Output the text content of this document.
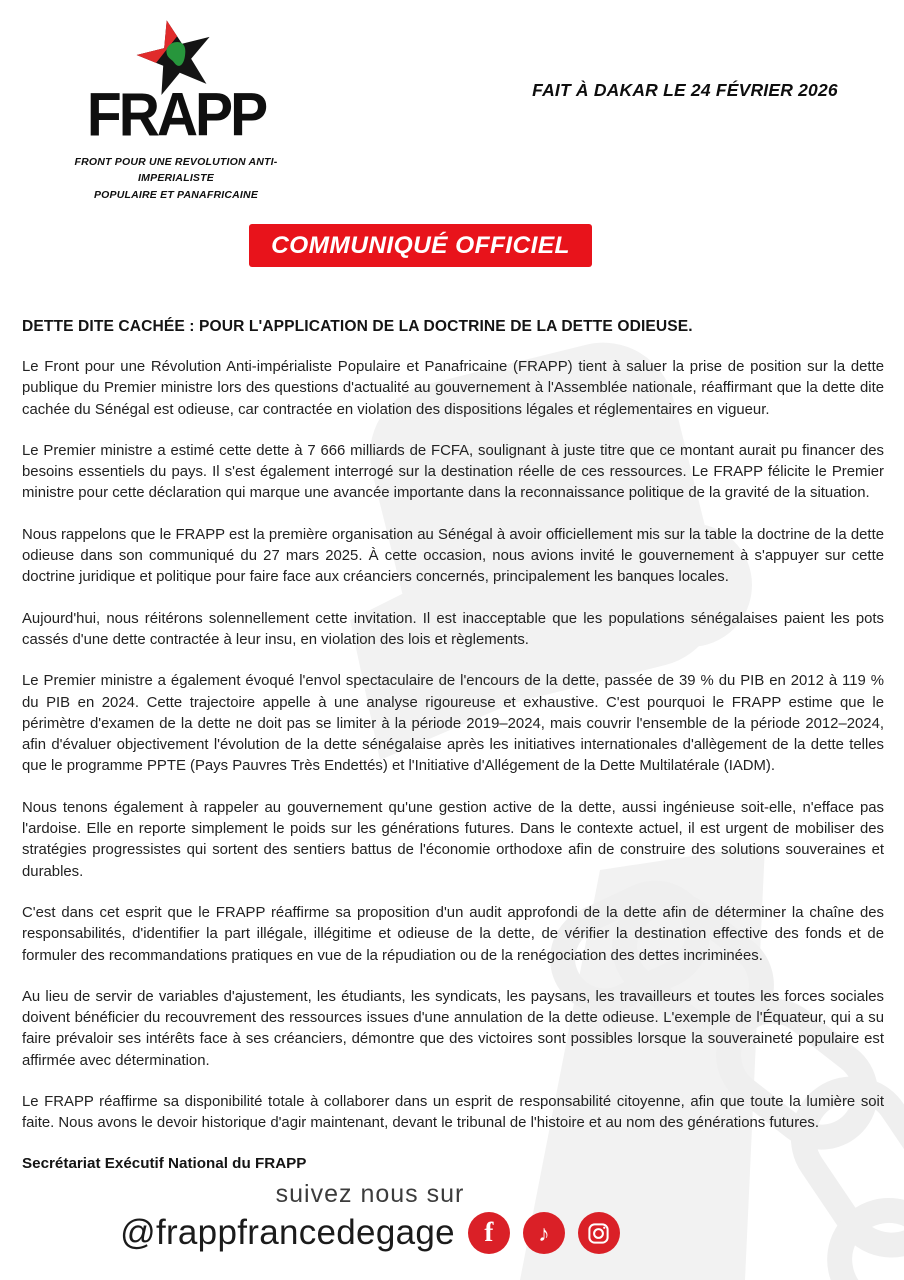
FRAPP
FRONT POUR UNE REVOLUTION ANTI-IMPERIALISTE
POPULAIRE ET PANAFRICAINE
FAIT À DAKAR LE 24 FÉVRIER 2026
COMMUNIQUÉ OFFICIEL
DETTE DITE CACHÉE : POUR L'APPLICATION DE LA DOCTRINE DE LA DETTE ODIEUSE.

Le Front pour une Révolution Anti-impérialiste Populaire et Panafricaine (FRAPP) tient à saluer la prise de position sur la dette publique du Premier ministre lors des questions d'actualité au gouvernement à l'Assemblée nationale, réaffirmant que la dette dite cachée du Sénégal est odieuse, car contractée en violation des dispositions légales et réglementaires en vigueur.

Le Premier ministre a estimé cette dette à 7 666 milliards de FCFA, soulignant à juste titre que ce montant aurait pu financer des besoins essentiels du pays. Il s'est également interrogé sur la destination réelle de ces ressources. Le FRAPP félicite le Premier ministre pour cette déclaration qui marque une avancée importante dans la reconnaissance politique de la gravité de la situation.

Nous rappelons que le FRAPP est la première organisation au Sénégal à avoir officiellement mis sur la table la doctrine de la dette odieuse dans son communiqué du 27 mars 2025. À cette occasion, nous avions invité le gouvernement à s'appuyer sur cette doctrine juridique et politique pour faire face aux créanciers concernés, principalement les banques locales.

Aujourd'hui, nous réitérons solennellement cette invitation. Il est inacceptable que les populations sénégalaises paient les pots cassés d'une dette contractée à leur insu, en violation des lois et règlements.

Le Premier ministre a également évoqué l'envol spectaculaire de l'encours de la dette, passée de 39 % du PIB en 2012 à 119 % du PIB en 2024. Cette trajectoire appelle à une analyse rigoureuse et exhaustive. C'est pourquoi le FRAPP estime que le périmètre d'examen de la dette ne doit pas se limiter à la période 2019–2024, mais couvrir l'ensemble de la période 2012–2024, afin d'évaluer objectivement l'évolution de la dette sénégalaise après les initiatives internationales d'allègement de la dette telles que le programme PPTE (Pays Pauvres Très Endettés) et l'Initiative d'Allégement de la Dette Multilatérale (IADM).

Nous tenons également à rappeler au gouvernement qu'une gestion active de la dette, aussi ingénieuse soit-elle, n'efface pas l'ardoise. Elle en reporte simplement le poids sur les générations futures. Dans le contexte actuel, il est urgent de mobiliser des stratégies progressistes qui sortent des sentiers battus de l'économie orthodoxe afin de construire des solutions souveraines et durables.

C'est dans cet esprit que le FRAPP réaffirme sa proposition d'un audit approfondi de la dette afin de déterminer la chaîne des responsabilités, d'identifier la part illégale, illégitime et odieuse de la dette, de vérifier la destination effective des fonds et de formuler des recommandations pratiques en vue de la répudiation ou de la renégociation des dettes incriminées.

Au lieu de servir de variables d'ajustement, les étudiants, les syndicats, les paysans, les travailleurs et toutes les forces sociales doivent bénéficier du recouvrement des ressources issues d'une annulation de la dette odieuse. L'exemple de l'Équateur, qui a su faire prévaloir ses intérêts face à ses créanciers, démontre que des victoires sont possibles lorsque la souveraineté populaire est affirmée avec détermination.

Le FRAPP réaffirme sa disponibilité totale à collaborer dans un esprit de responsabilité citoyenne, afin que toute la lumière soit faite. Nous avons le devoir historique d'agir maintenant, devant le tribunal de l'histoire et au nom des générations futures.

Secrétariat Exécutif National du FRAPP
suivez nous sur
@frappfrancedegage	f	♪
